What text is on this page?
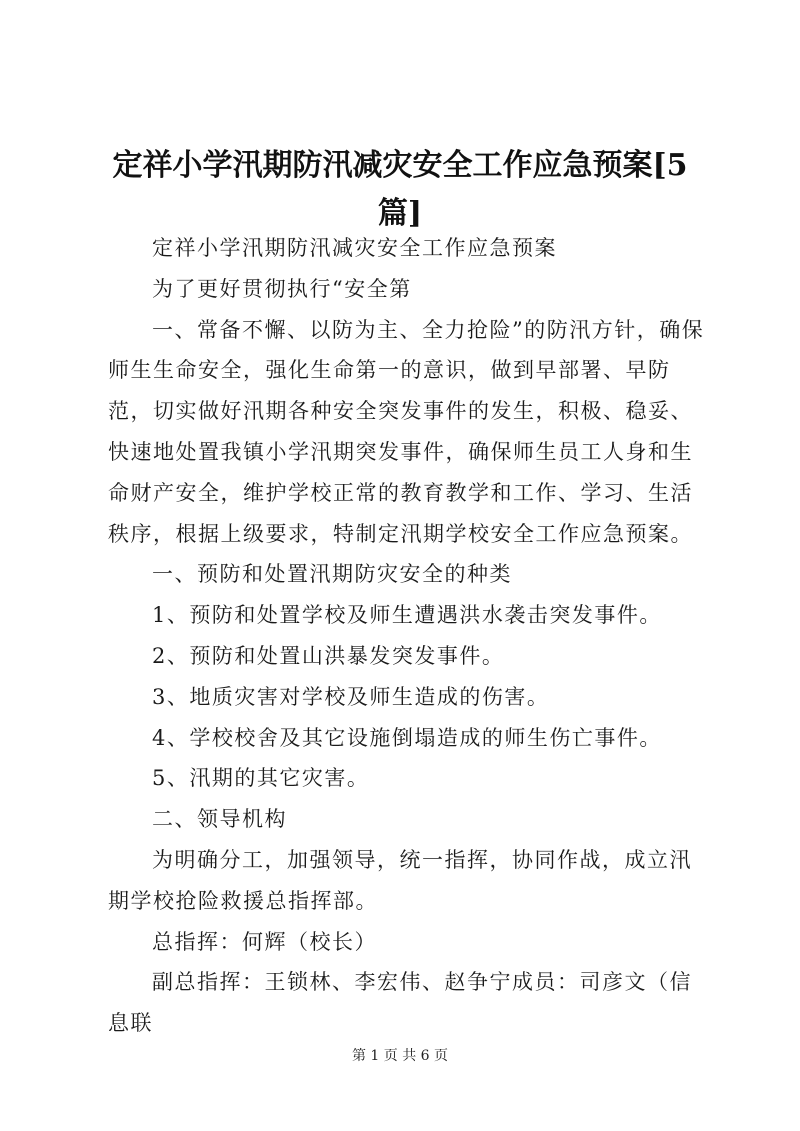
定祥小学汛期防汛减灾安全工作应急预案[5篇]

定祥小学汛期防汛减灾安全工作应急预案

为了更好贯彻执行“安全第

一、常备不懈、以防为主、全力抢险”的防汛方针，确保师生生命安全，强化生命第一的意识，做到早部署、早防范，切实做好汛期各种安全突发事件的发生，积极、稳妥、快速地处置我镇小学汛期突发事件，确保师生员工人身和生命财产安全，维护学校正常的教育教学和工作、学习、生活秩序，根据上级要求，特制定汛期学校安全工作应急预案。

一、预防和处置汛期防灾安全的种类

1、预防和处置学校及师生遭遇洪水袭击突发事件。

2、预防和处置山洪暴发突发事件。

3、地质灾害对学校及师生造成的伤害。

4、学校校舍及其它设施倒塌造成的师生伤亡事件。

5、汛期的其它灾害。

二、领导机构

为明确分工，加强领导，统一指挥，协同作战，成立汛期学校抢险救援总指挥部。

总指挥：何辉（校长）

副总指挥：王锁林、李宏伟、赵争宁成员：司彦文（信息联

第 1 页 共 6 页
